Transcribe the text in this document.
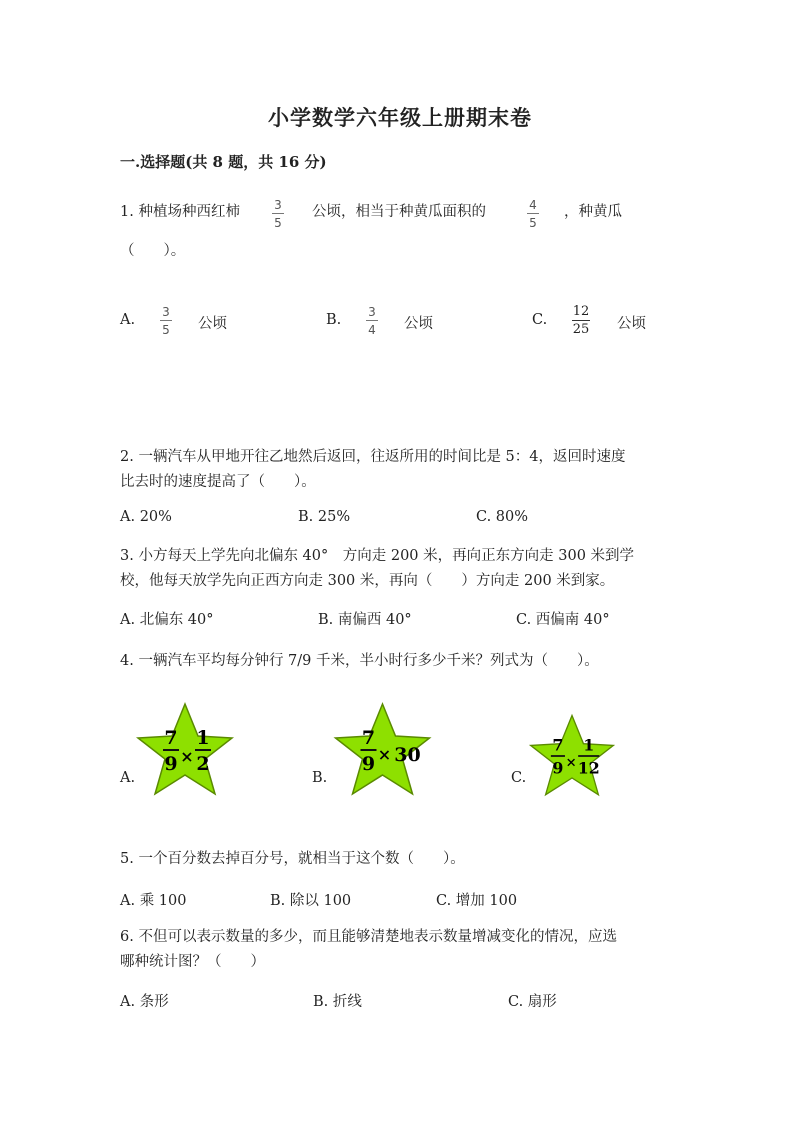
小学数学六年级上册期末卷
一.选择题(共 8 题，共 16 分)
1. 种植场种西红柿	3
5
公顷，相当于种黄瓜面积的	4
5
，种黄瓜
（　　）。
A. 3
5 公顷	B. 3
4 公顷	C.
12
25 公顷
2. 一辆汽车从甲地开往乙地然后返回，往返所用的时间比是 5：4，返回时速度
比去时的速度提高了（　　）。
A. 20%	B. 25%	C. 80%
3. 小方每天上学先向北偏东 40°　方向走 200 米，再向正东方向走 300 米到学
校，他每天放学先向正西方向走 300 米，再向（　　）方向走 200 米到家。
A. 北偏东 40°	B. 南偏西 40°	C. 西偏南 40°
4. 一辆汽车平均每分钟行 7/9 千米，半小时行多少千米？列式为（　　）。
A.
7
9 ×
1
2
B.
7
9 × 30
C.
7
9 ×
1
12
5. 一个百分数去掉百分号，就相当于这个数（　　）。
A. 乘 100	B. 除以 100	C. 增加 100
6. 不但可以表示数量的多少，而且能够清楚地表示数量增减变化的情况，应选
哪种统计图？（　　）
A. 条形	B. 折线	C. 扇形
